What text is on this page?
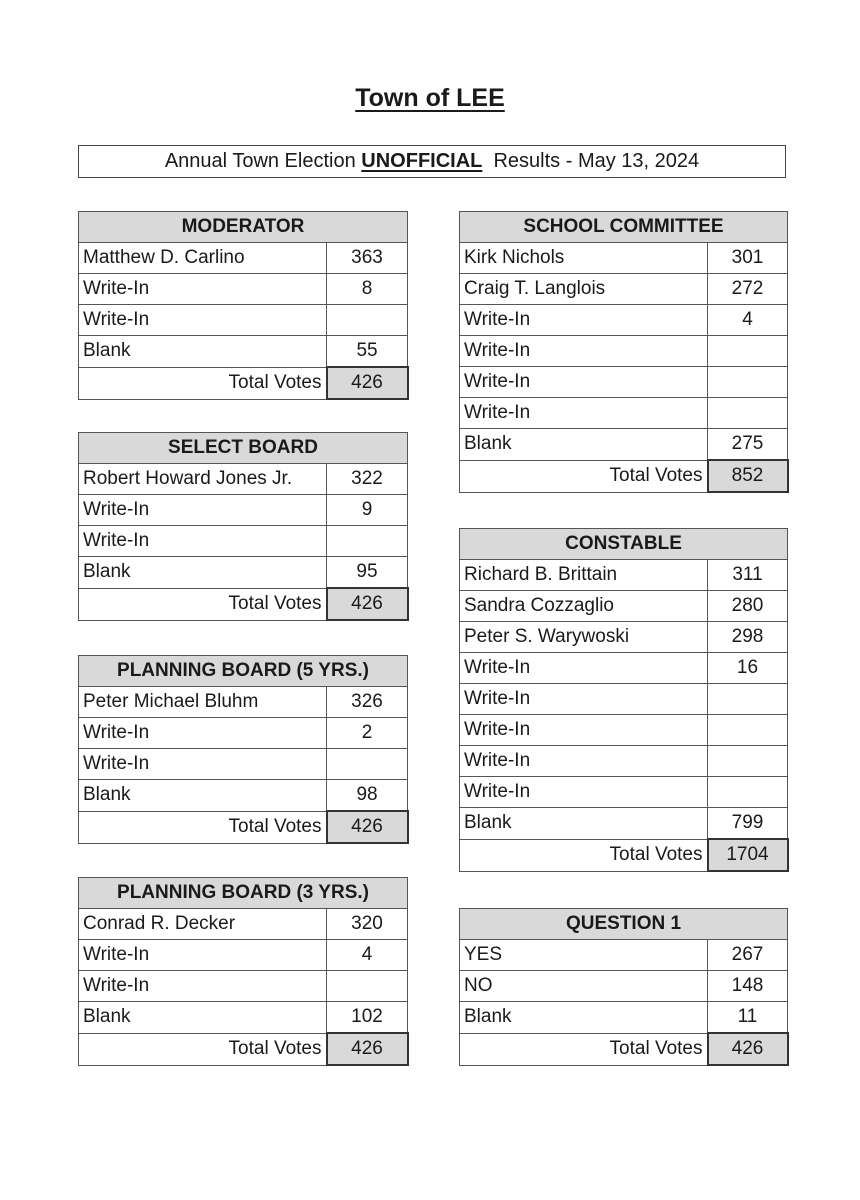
Town of LEE
Annual Town Election UNOFFICIAL Results - May 13, 2024
MODERATOR	
Matthew D. Carlino	363
Write-In	8
Write-In	
Blank	55
Total Votes	426
SELECT BOARD	
Robert Howard Jones Jr.	322
Write-In	9
Write-In	
Blank	95
Total Votes	426
PLANNING BOARD (5 YRS.)	
Peter Michael Bluhm	326
Write-In	2
Write-In	
Blank	98
Total Votes	426
PLANNING BOARD (3 YRS.)	
Conrad R. Decker	320
Write-In	4
Write-In	
Blank	102
Total Votes	426
SCHOOL COMMITTEE	
Kirk Nichols	301
Craig T. Langlois	272
Write-In	4
Write-In	
Write-In	
Write-In	
Blank	275
Total Votes	852
CONSTABLE	
Richard B. Brittain	311
Sandra Cozzaglio	280
Peter S. Warywoski	298
Write-In	16
Write-In	
Write-In	
Write-In	
Write-In	
Blank	799
Total Votes	1704
QUESTION 1	
YES	267
NO	148
Blank	11
Total Votes	426
